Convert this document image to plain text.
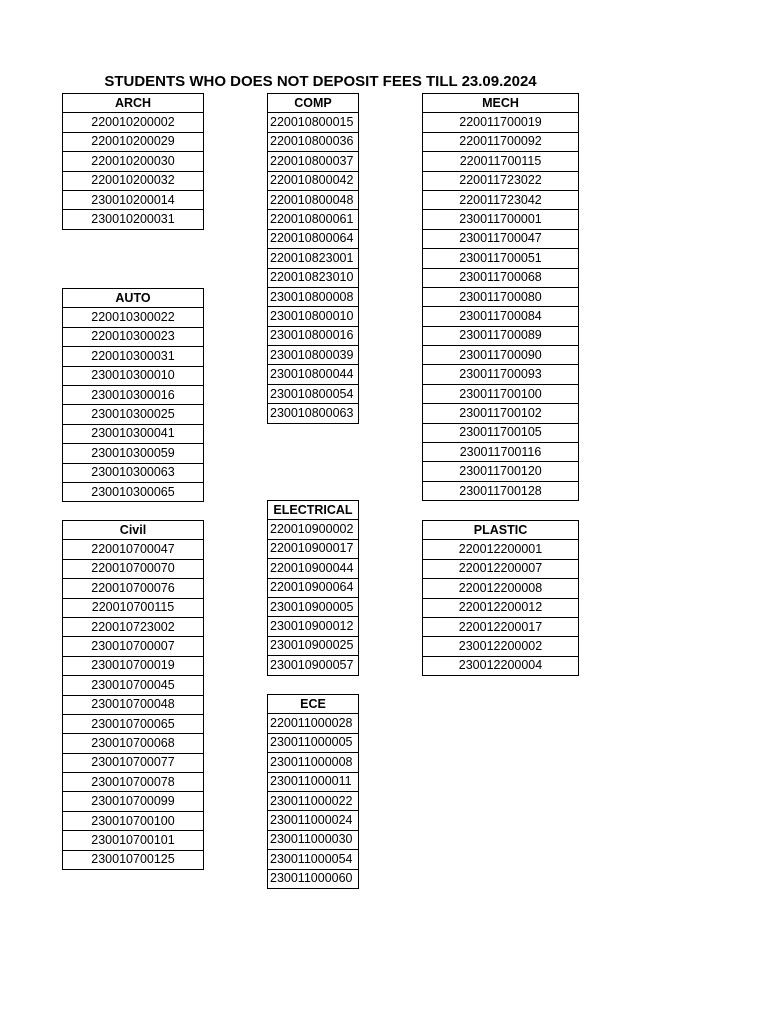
STUDENTS WHO DOES NOT DEPOSIT FEES TILL 23.09.2024
ARCH
220010200002
220010200029
220010200030
220010200032
230010200014
230010200031
AUTO
220010300022
220010300023
220010300031
230010300010
230010300016
230010300025
230010300041
230010300059
230010300063
230010300065
Civil
220010700047
220010700070
220010700076
220010700115
220010723002
230010700007
230010700019
230010700045
230010700048
230010700065
230010700068
230010700077
230010700078
230010700099
230010700100
230010700101
230010700125
COMP
220010800015
220010800036
220010800037
220010800042
220010800048
220010800061
220010800064
220010823001
220010823010
230010800008
230010800010
230010800016
230010800039
230010800044
230010800054
230010800063
ELECTRICAL
220010900002
220010900017
220010900044
220010900064
230010900005
230010900012
230010900025
230010900057
ECE
220011000028
230011000005
230011000008
230011000011
230011000022
230011000024
230011000030
230011000054
230011000060
MECH
220011700019
220011700092
220011700115
220011723022
220011723042
230011700001
230011700047
230011700051
230011700068
230011700080
230011700084
230011700089
230011700090
230011700093
230011700100
230011700102
230011700105
230011700116
230011700120
230011700128
PLASTIC
220012200001
220012200007
220012200008
220012200012
220012200017
230012200002
230012200004
